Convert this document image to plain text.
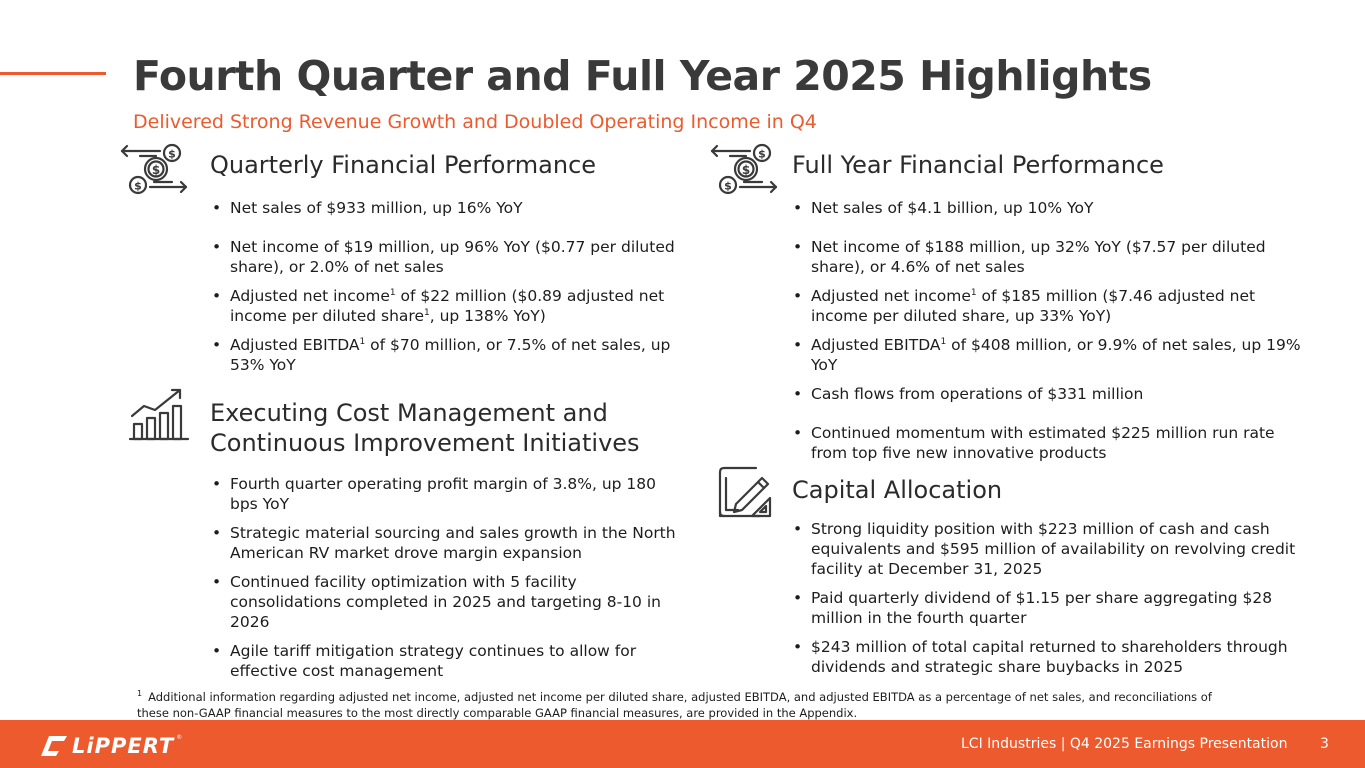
Fourth Quarter and Full Year 2025 Highlights
Delivered Strong Revenue Growth and Doubled Operating Income in Q4
$
$
$
Quarterly Financial Performance
• Net sales of $933 million, up 16% YoY
• Net income of $19 million, up 96% YoY ($0.77 per diluted share), or 2.0% of net sales
• Adjusted net income$^1$ of $22 million ($0.89 adjusted net income per diluted share$^1$, up 138% YoY)
• Adjusted EBITDA$^1$ of $70 million, or 7.5% of net sales, up 53% YoY
Executing Cost Management and
Continuous Improvement Initiatives
• Fourth quarter operating profit margin of 3.8%, up 180 bps YoY
• Strategic material sourcing and sales growth in the North American RV market drove margin expansion
• Continued facility optimization with 5 facility consolidations completed in 2025 and targeting 8-10 in 2026
• Agile tariff mitigation strategy continues to allow for effective cost management
$
$
$
Full Year Financial Performance
• Net sales of $4.1 billion, up 10% YoY
• Net income of $188 million, up 32% YoY ($7.57 per diluted share), or 4.6% of net sales
• Adjusted net income$^1$ of $185 million ($7.46 adjusted net income per diluted share, up 33% YoY)
• Adjusted EBITDA$^1$ of $408 million, or 9.9% of net sales, up 19% YoY
• Cash flows from operations of $331 million
• Continued momentum with estimated $225 million run rate from top five new innovative products
Capital Allocation
• Strong liquidity position with $223 million of cash and cash equivalents and $595 million of availability on revolving credit facility at December 31, 2025
• Paid quarterly dividend of $1.15 per share aggregating $28 million in the fourth quarter
• $243 million of total capital returned to shareholders through dividends and strategic share buybacks in 2025
$^1$ Additional information regarding adjusted net income, adjusted net income per diluted share, adjusted EBITDA, and adjusted EBITDA as a percentage of net sales, and reconciliations of these non-GAAP financial measures to the most directly comparable GAAP financial measures, are provided in the Appendix.
LiPPERT ®	LCI Industries | Q4 2025 Earnings Presentation 3
